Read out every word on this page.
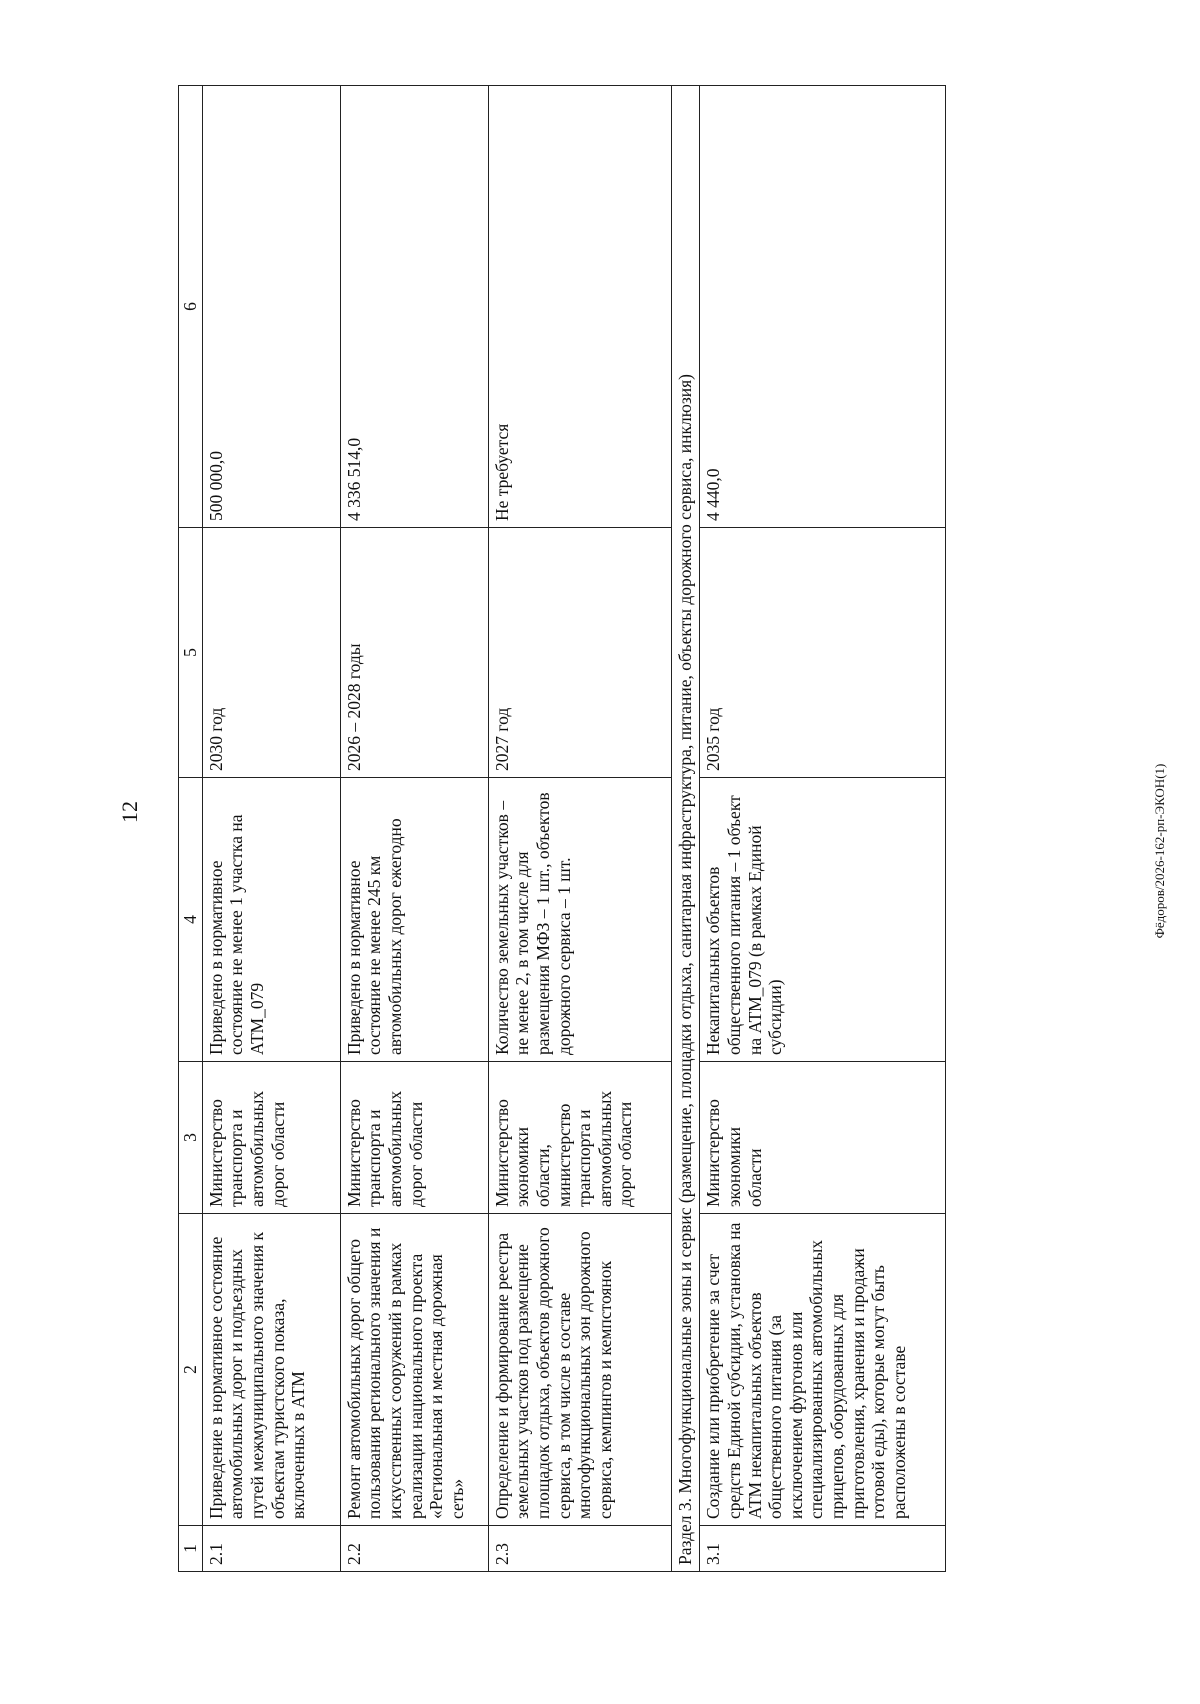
12
1	2	3	4	5	6
2.1	Приведение в нормативное состояние автомобильных дорог и подъездных путей межмуниципального значения к объектам туристского показа, включенных в АТМ	Министерство транспорта и автомобильных дорог области	Приведено в нормативное состояние не менее 1 участка на АТМ_079	2030 год	500 000,0
2.2	Ремонт автомобильных дорог общего пользования регионального значения и искусственных сооружений в рамках реализации национального проекта «Региональная и местная дорожная сеть»	Министерство транспорта и автомобильных дорог области	Приведено в нормативное состояние не менее 245 км автомобильных дорог ежегодно	2026 – 2028 годы	4 336 514,0
2.3	Определение и формирование реестра земельных участков под размещение площадок отдыха, объектов дорожного сервиса, в том числе в составе многофункциональных зон дорожного сервиса, кемпингов и кемпстоянок	Министерство экономики области, министерство транспорта и автомобильных дорог области	Количество земельных участков – не менее 2, в том числе для размещения МФЗ – 1 шт., объектов дорожного сервиса – 1 шт.	2027 год	Не требуется
Раздел 3. Многофункциональные зоны и сервис (размещение, площадки отдыха, санитарная инфраструктура, питание, объекты дорожного сервиса, инклюзия)					
3.1	Создание или приобретение за счет средств Единой субсидии, установка на АТМ некапитальных объектов общественного питания (за исключением фургонов или специализированных автомобильных прицепов, оборудованных для приготовления, хранения и продажи готовой еды), которые могут быть расположены в составе	Министерство экономики области	Некапитальных объектов общественного питания – 1 объект на АТМ_079 (в рамках Единой субсидии)	2035 год	4 440,0
Фёдоров/2026-162-рп-ЭКОН(1)
